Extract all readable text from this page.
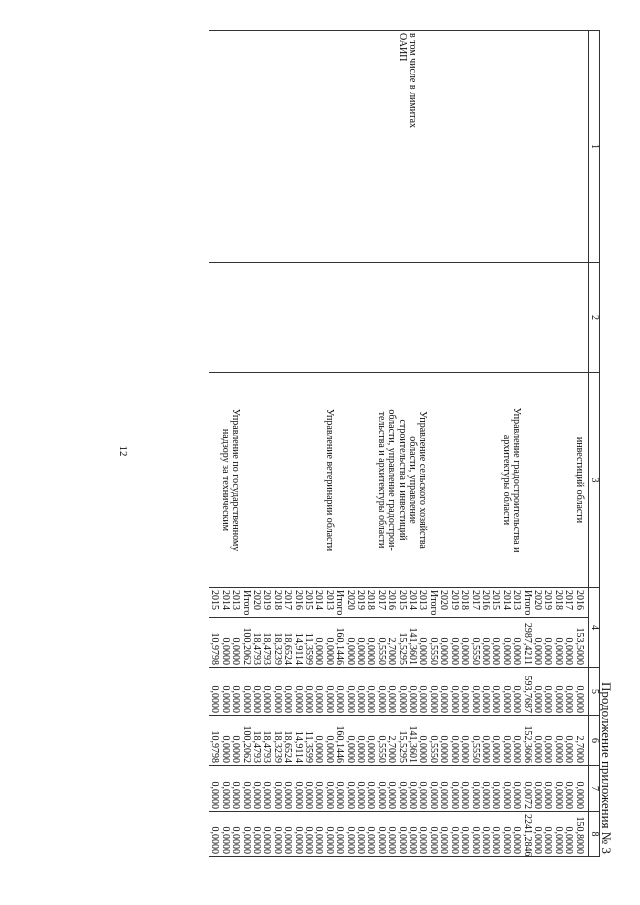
12
Продолжение приложения № 3
1	2	3	4		5	6	7	8

		инвестиций области	2016	153,5000	0,0000	2,7000	0,0000	150,8000
			2017	0,0000	0,0000	0,0000	0,0000	0,0000
			2018	0,0000	0,0000	0,0000	0,0000	0,0000
			2019	0,0000	0,0000	0,0000	0,0000	0,0000
			2020	0,0000	0,0000	0,0000	0,0000	0,0000
			Итого	2987,4211	593,7687	152,3606	0,0072	2241,2846
		Управление градостроительства и	2013	0,0000	0,0000	0,0000	0,0000	0,0000
		архитектуры области	2014	0,0000	0,0000	0,0000	0,0000	0,0000
			2015	0,0000	0,0000	0,0000	0,0000	0,0000
			2016	0,0000	0,0000	0,0000	0,0000	0,0000
			2017	0,5550	0,0000	0,5550	0,0000	0,0000
			2018	0,0000	0,0000	0,0000	0,0000	0,0000
			2019	0,0000	0,0000	0,0000	0,0000	0,0000
			2020	0,0000	0,0000	0,0000	0,0000	0,0000
			Итого	0,5550	0,0000	0,5550	0,0000	0,0000
		Управление сельского хозяйства	2013	0,0000	0,0000	0,0000	0,0000	0,0000
в том числе в лимитах		области, управление	2014	141,3601	0,0000	141,3601	0,0000	0,0000
ОАИП		строительства и инвестиций	2015	15,5295	0,0000	15,5295	0,0000	0,0000
		области, управление градострои-	2016	2,7000	0,0000	2,7000	0,0000	0,0000
		тельства и архитектуры области	2017	0,5550	0,0000	0,5550	0,0000	0,0000
			2018	0,0000	0,0000	0,0000	0,0000	0,0000
			2019	0,0000	0,0000	0,0000	0,0000	0,0000
			2020	0,0000	0,0000	0,0000	0,0000	0,0000
			Итого	160,1446	0,0000	160,1446	0,0000	0,0000
		Управление ветеринарии области	2013	0,0000	0,0000	0,0000	0,0000	0,0000
			2014	0,0000	0,0000	0,0000	0,0000	0,0000
			2015	11,3599	0,0000	11,3599	0,0000	0,0000
			2016	14,9114	0,0000	14,9114	0,0000	0,0000
			2017	18,6524	0,0000	18,6524	0,0000	0,0000
			2018	18,3239	0,0000	18,3239	0,0000	0,0000
			2019	18,4793	0,0000	18,4793	0,0000	0,0000
			2020	18,4793	0,0000	18,4793	0,0000	0,0000
			Итого	100,2062	0,0000	100,2062	0,0000	0,0000
		Управление по государственному	2013	0,0000	0,0000	0,0000	0,0000	0,0000
		надзору за техническим	2014	0,0000	0,0000	0,0000	0,0000	0,0000
			2015	10,9798	0,0000	10,9798	0,0000	0,0000
